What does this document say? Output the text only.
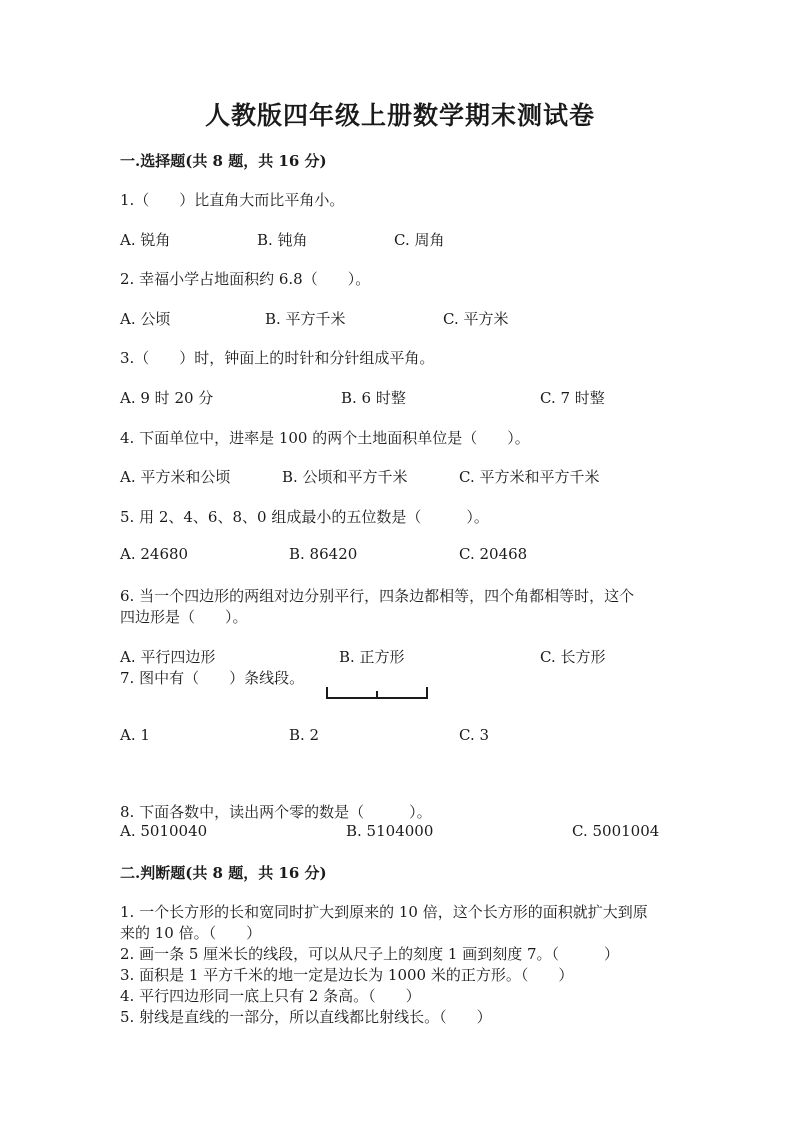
人教版四年级上册数学期末测试卷
一.选择题(共 8 题，共 16 分)
1.（　　）比直角大而比平角小。
A. 锐角	B. 钝角	C. 周角
2. 幸福小学占地面积约 6.8（　　）。
A. 公顷	B. 平方千米	C. 平方米
3.（　　）时，钟面上的时针和分针组成平角。
A. 9 时 20 分	B. 6 时整	C. 7 时整
4. 下面单位中，进率是 100 的两个土地面积单位是（　　）。
A. 平方米和公顷	B. 公顷和平方千米	C. 平方米和平方千米
5. 用 2、4、6、8、0 组成最小的五位数是（　　　）。
A. 24680	B. 86420	C. 20468
6. 当一个四边形的两组对边分别平行，四条边都相等，四个角都相等时，这个
四边形是（　　）。
A. 平行四边形	B. 正方形	C. 长方形
7. 图中有（　　）条线段。
A. 1	B. 2	C. 3
8. 下面各数中，读出两个零的数是（　　　）。
A. 5010040	B. 5104000	C. 5001004
二.判断题(共 8 题，共 16 分)
1. 一个长方形的长和宽同时扩大到原来的 10 倍，这个长方形的面积就扩大到原
来的 10 倍。（　　）
2. 画一条 5 厘米长的线段，可以从尺子上的刻度 1 画到刻度 7。（　　　）
3. 面积是 1 平方千米的地一定是边长为 1000 米的正方形。（　　）
4. 平行四边形同一底上只有 2 条高。（　　）
5. 射线是直线的一部分，所以直线都比射线长。（　　）
